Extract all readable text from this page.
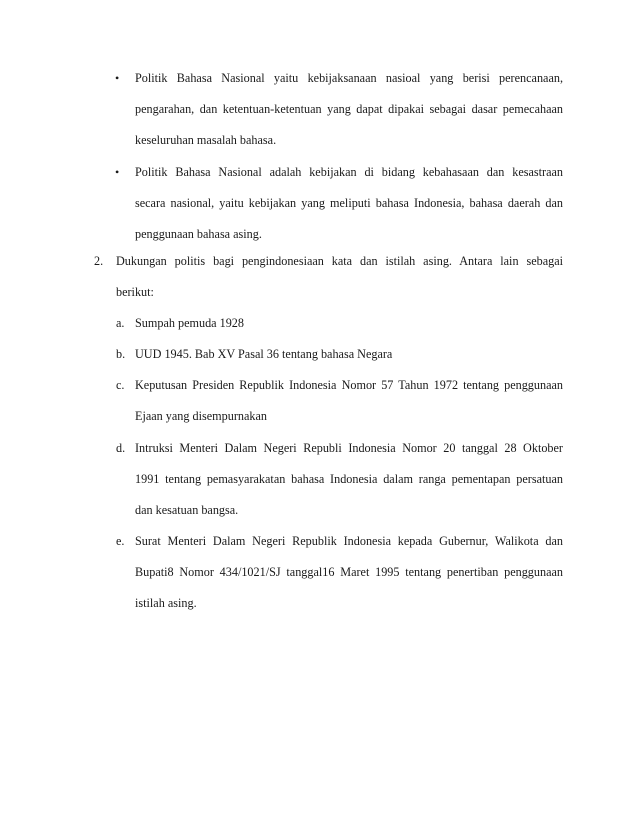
• Politik Bahasa Nasional yaitu kebijaksanaan nasioal yang berisi perencanaan,
pengarahan, dan ketentuan-ketentuan yang dapat dipakai sebagai dasar pemecahaan
keseluruhan masalah bahasa.
• Politik Bahasa Nasional adalah kebijakan di bidang kebahasaan dan kesastraan
secara nasional, yaitu kebijakan yang meliputi bahasa Indonesia, bahasa daerah dan
penggunaan bahasa asing.
2. Dukungan politis bagi pengindonesiaan kata dan istilah asing. Antara lain sebagai
berikut:
a. Sumpah pemuda 1928
b. UUD 1945. Bab XV Pasal 36 tentang bahasa Negara
c. Keputusan Presiden Republik Indonesia Nomor 57 Tahun 1972 tentang penggunaan
Ejaan yang disempurnakan
d. Intruksi Menteri Dalam Negeri Republi Indonesia Nomor 20 tanggal 28 Oktober
1991 tentang pemasyarakatan bahasa Indonesia dalam ranga pementapan persatuan
dan kesatuan bangsa.
e. Surat Menteri Dalam Negeri Republik Indonesia kepada Gubernur, Walikota dan
Bupati8 Nomor 434/1021/SJ tanggal16 Maret 1995 tentang penertiban penggunaan
istilah asing.
